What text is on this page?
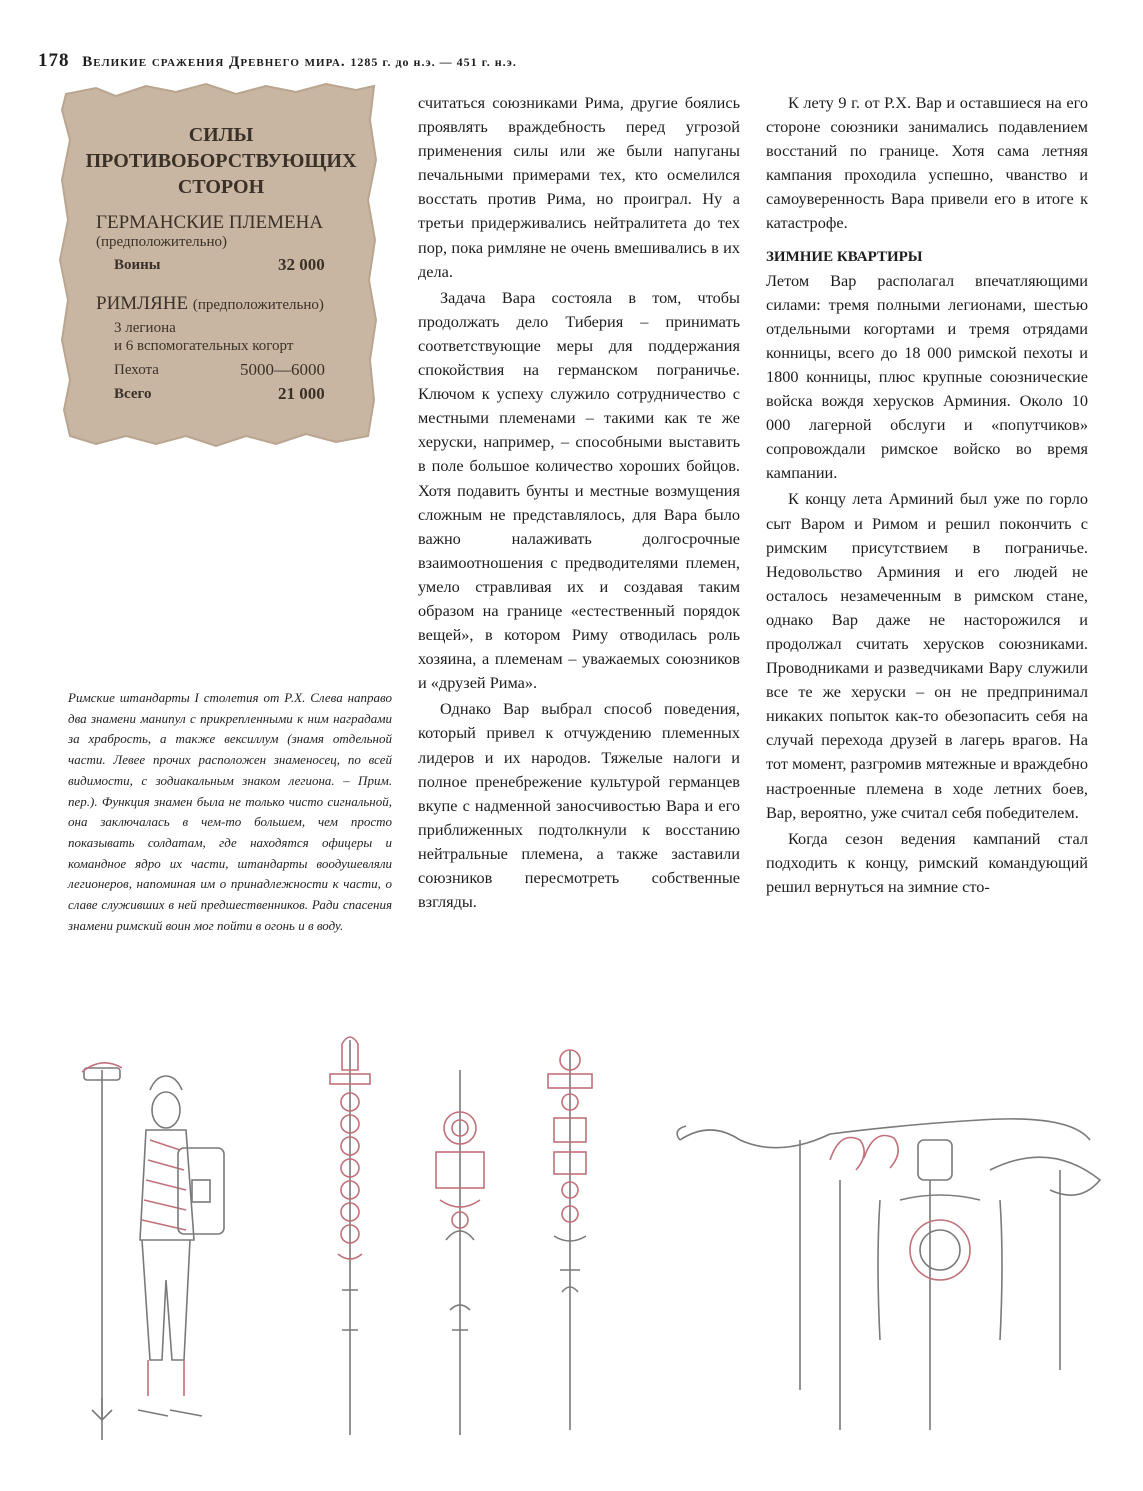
178 Великие сражения Древнего мира. 1285 г. до н.э. — 451 г. н.э.
СИЛЫ
ПРОТИВОБОРСТВУЮЩИХ
СТОРОН
ГЕРМАНСКИЕ ПЛЕМЕНА
(предположительно)
Воины	32 000
РИМЛЯНЕ (предположительно)
3 легиона
и 6 вспомогательных когорт
Пехота	5000—6000
Всего	21 000
Римские штандарты I столетия от Р.Х. Слева направо два знамени манипул с прикрепленными к ним наградами за храбрость, а также вексиллум (знамя отдельной части. Левее прочих расположен знаменосец, по всей видимости, с зодиакальным знаком легиона. – Прим. пер.). Функция знамен была не только чисто сигнальной, она заключалась в чем-то большем, чем просто показывать солдатам, где находятся офицеры и командное ядро их части, штандарты воодушевляли легионеров, напоминая им о принадлежности к части, о славе служивших в ней предшественников. Ради спасения знамени римский воин мог пойти в огонь и в воду.

считаться союзниками Рима, другие боялись проявлять враждебность перед угрозой применения силы или же были напуганы печальными примерами тех, кто осмелился восстать против Рима, но проиграл. Ну а третьи придерживались нейтралитета до тех пор, пока римляне не очень вмешивались в их дела.

Задача Вара состояла в том, чтобы продолжать дело Тиберия – принимать соответствующие меры для поддержания спокойствия на германском пограничье. Ключом к успеху служило сотрудничество с местными племенами – такими как те же херуски, например, – способными выставить в поле большое количество хороших бойцов. Хотя подавить бунты и местные возмущения сложным не представлялось, для Вара было важно налаживать долгосрочные взаимоотношения с предводителями племен, умело стравливая их и создавая таким образом на границе «естественный порядок вещей», в котором Риму отводилась роль хозяина, а племенам – уважаемых союзников и «друзей Рима».

Однако Вар выбрал способ поведения, который привел к отчуждению племенных лидеров и их народов. Тяжелые налоги и полное пренебрежение культурой германцев вкупе с надменной заносчивостью Вара и его приближенных подтолкнули к восстанию нейтральные племена, а также заставили союзников пересмотреть собственные взгляды.

К лету 9 г. от Р.Х. Вар и оставшиеся на его стороне союзники занимались подавлением восстаний по границе. Хотя сама летняя кампания проходила успешно, чванство и самоуверенность Вара привели его в итоге к катастрофе.

ЗИМНИЕ КВАРТИРЫ

Летом Вар располагал впечатляющими силами: тремя полными легионами, шестью отдельными когортами и тремя отрядами конницы, всего до 18 000 римской пехоты и 1800 конницы, плюс крупные союзнические войска вождя херусков Арминия. Около 10 000 лагерной обслуги и «попутчиков» сопровождали римское войско во время кампании.

К концу лета Арминий был уже по горло сыт Варом и Римом и решил покончить с римским присутствием в пограничье. Недовольство Арминия и его людей не осталось незамеченным в римском стане, однако Вар даже не насторожился и продолжал считать херусков союзниками. Проводниками и разведчиками Вару служили все те же херуски – он не предпринимал никаких попыток как-то обезопасить себя на случай перехода друзей в лагерь врагов. На тот момент, разгромив мятежные и враждебно настроенные племена в ходе летних боев, Вар, вероятно, уже считал себя победителем.

Когда сезон ведения кампаний стал подходить к концу, римский командующий решил вернуться на зимние сто-
